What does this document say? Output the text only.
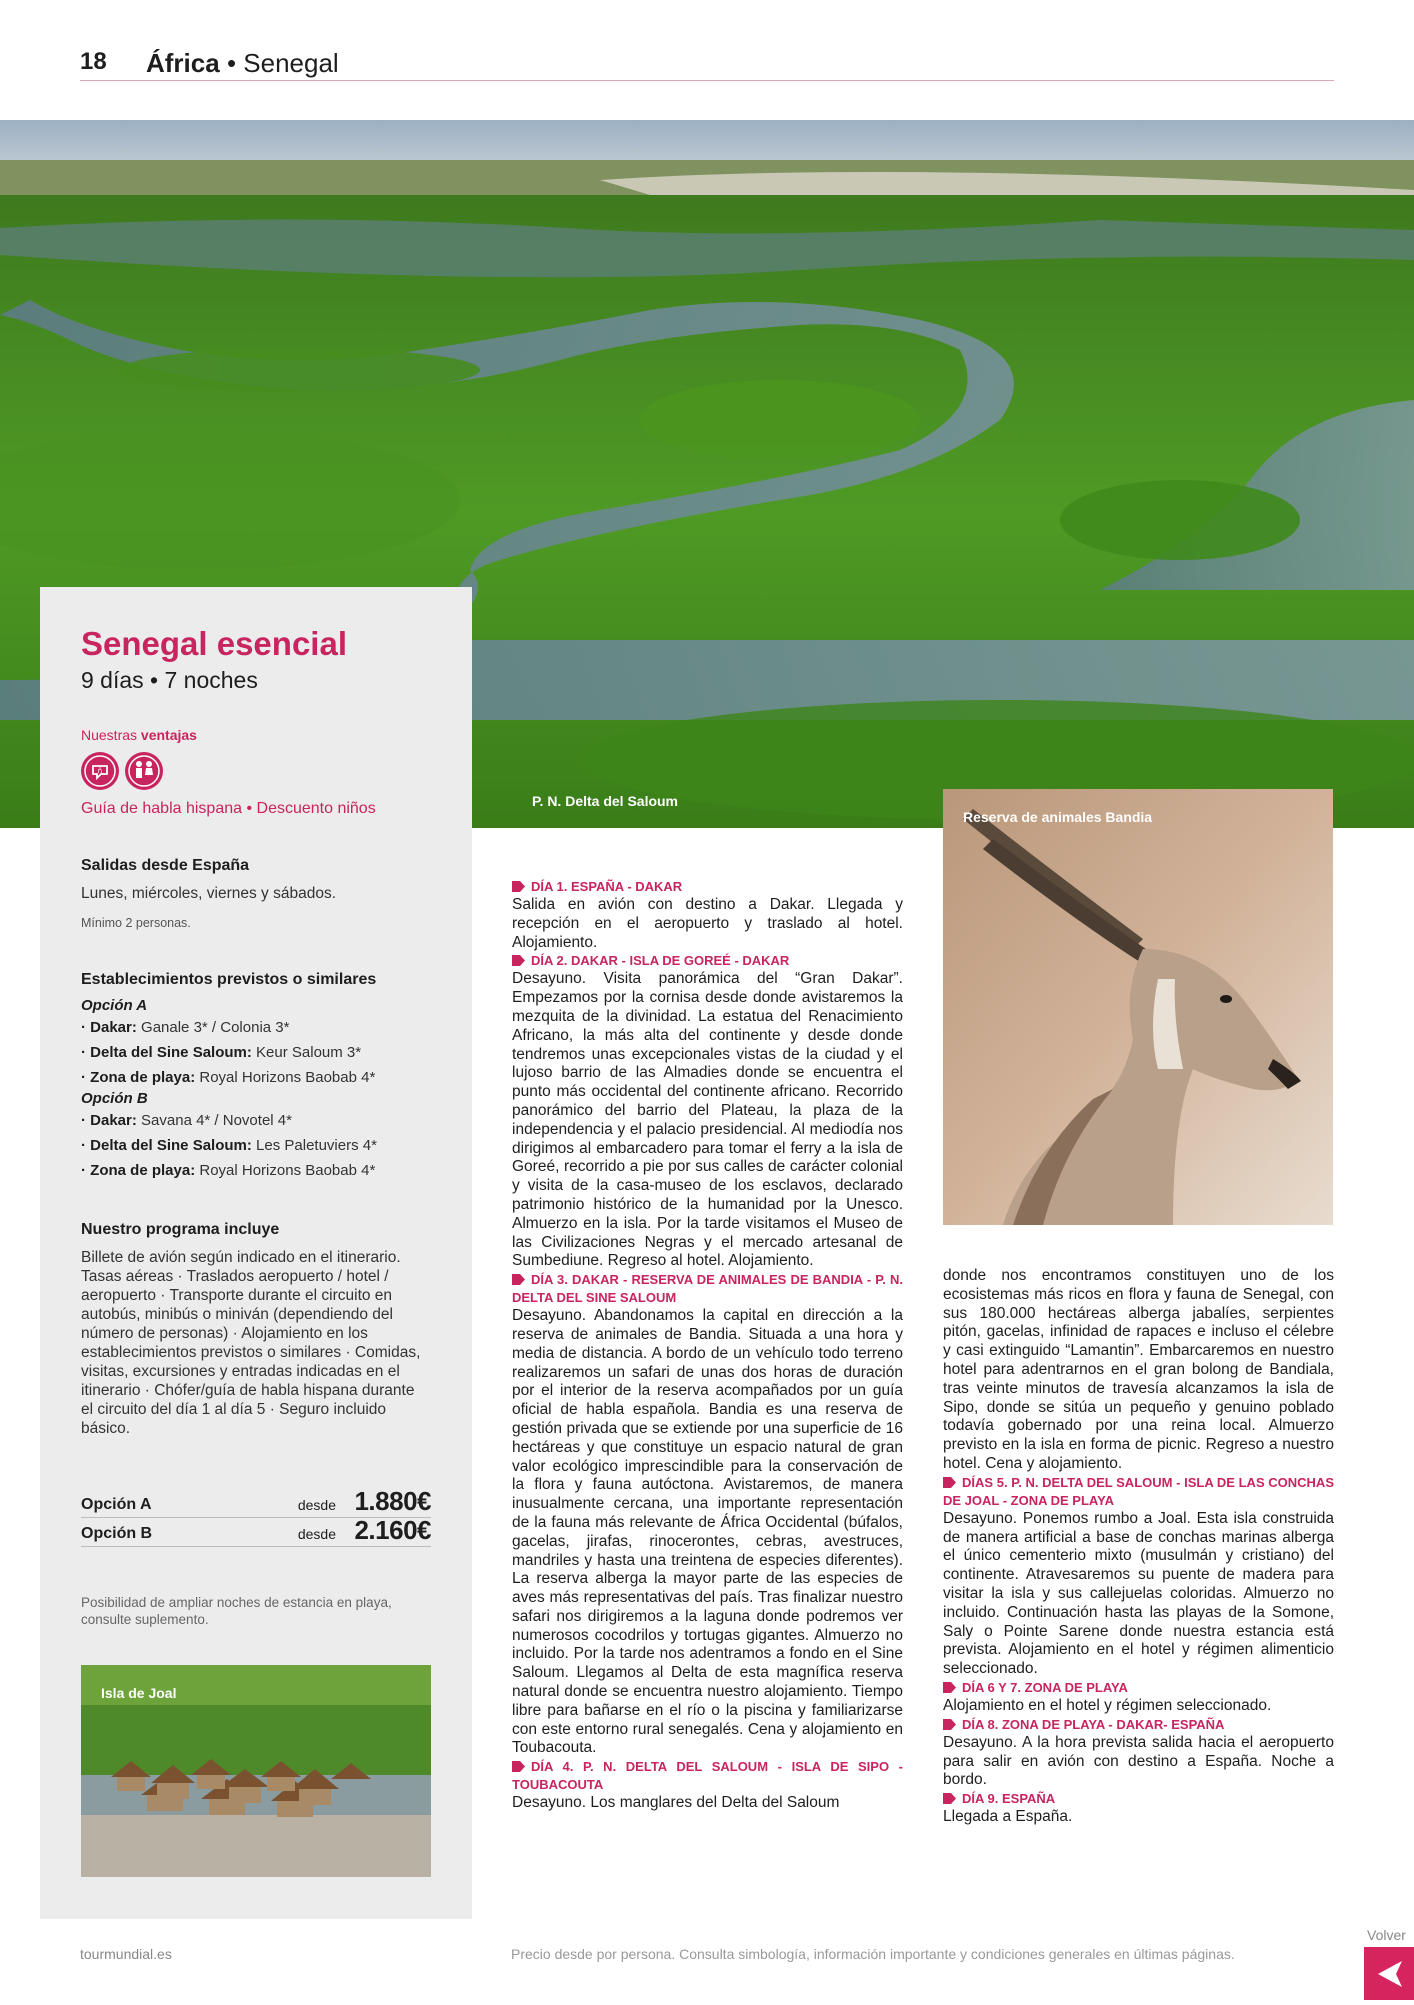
18 África • Senegal
P. N. Delta del Saloum
Senegal esencial
9 días • 7 noches
Nuestras ventajas
ñ

Guía de habla hispana • Descuento niños
Salidas desde España
Lunes, miércoles, viernes y sábados.
Mínimo 2 personas.
Establecimientos previstos o similares
Opción A
· Dakar: Ganale 3* / Colonia 3*
· Delta del Sine Saloum: Keur Saloum 3*
· Zona de playa: Royal Horizons Baobab 4*
Opción B
· Dakar: Savana 4* / Novotel 4*
· Delta del Sine Saloum: Les Paletuviers 4*
· Zona de playa: Royal Horizons Baobab 4*
Nuestro programa incluye
Billete de avión según indicado en el itinerario. Tasas aéreas · Traslados aeropuerto / hotel / aeropuerto · Transporte durante el circuito en autobús, minibús o miniván (dependiendo del número de personas) · Alojamiento en los establecimientos previstos o similares · Comidas, visitas, excursiones y entradas indicadas en el itinerario · Chófer/guía de habla hispana durante el circuito del día 1 al día 5 · Seguro incluido básico.
Opción A	desde 1.880€
Opción B	desde 2.160€
Posibilidad de ampliar noches de estancia en playa, consulte suplemento.
Isla de Joal
Reserva de animales Bandia

DÍA 1. ESPAÑA - DAKAR

Salida en avión con destino a Dakar. Llegada y recepción en el aeropuerto y traslado al hotel. Alojamiento.

DÍA 2. DAKAR - ISLA DE GOREÉ - DAKAR

Desayuno. Visita panorámica del “Gran Dakar”. Empezamos por la cornisa desde donde avistaremos la mezquita de la divinidad. La estatua del Renacimiento Africano, la más alta del continente y desde donde tendremos unas excepcionales vistas de la ciudad y el lujoso barrio de las Almadies donde se encuentra el punto más occidental del continente africano. Recorrido panorámico del barrio del Plateau, la plaza de la independencia y el palacio presidencial. Al mediodía nos dirigimos al embarcadero para tomar el ferry a la isla de Goreé, recorrido a pie por sus calles de carácter colonial y visita de la casa-museo de los esclavos, declarado patrimonio histórico de la humanidad por la Unesco. Almuerzo en la isla. Por la tarde visitamos el Museo de las Civilizaciones Negras y el mercado artesanal de Sumbediune. Regreso al hotel. Alojamiento.

DÍA 3. DAKAR - RESERVA DE ANIMALES DE BANDIA - P. N. DELTA DEL SINE SALOUM

Desayuno. Abandonamos la capital en dirección a la reserva de animales de Bandia. Situada a una hora y media de distancia. A bordo de un vehículo todo terreno realizaremos un safari de unas dos horas de duración por el interior de la reserva acompañados por un guía oficial de habla española. Bandia es una reserva de gestión privada que se extiende por una superficie de 16 hectáreas y que constituye un espacio natural de gran valor ecológico imprescindible para la conservación de la flora y fauna autóctona. Avistaremos, de manera inusualmente cercana, una importante representación de la fauna más relevante de África Occidental (búfalos, gacelas, jirafas, rinocerontes, cebras, avestruces, mandriles y hasta una treintena de especies diferentes). La reserva alberga la mayor parte de las especies de aves más representativas del país. Tras finalizar nuestro safari nos dirigiremos a la laguna donde podremos ver numerosos cocodrilos y tortugas gigantes. Almuerzo no incluido. Por la tarde nos adentramos a fondo en el Sine Saloum. Llegamos al Delta de esta magnífica reserva natural donde se encuentra nuestro alojamiento. Tiempo libre para bañarse en el río o la piscina y familiarizarse con este entorno rural senegalés. Cena y alojamiento en Toubacouta.

DÍA 4. P. N. DELTA DEL SALOUM - ISLA DE SIPO - TOUBACOUTA

Desayuno. Los manglares del Delta del Saloum

donde nos encontramos constituyen uno de los ecosistemas más ricos en flora y fauna de Senegal, con sus 180.000 hectáreas alberga jabalíes, serpientes pitón, gacelas, infinidad de rapaces e incluso el célebre y casi extinguido “Lamantin”. Embarcaremos en nuestro hotel para adentrarnos en el gran bolong de Bandiala, tras veinte minutos de travesía alcanzamos la isla de Sipo, donde se sitúa un pequeño y genuino poblado todavía gobernado por una reina local. Almuerzo previsto en la isla en forma de picnic. Regreso a nuestro hotel. Cena y alojamiento.

DÍAS 5. P. N. DELTA DEL SALOUM - ISLA DE LAS CONCHAS DE JOAL - ZONA DE PLAYA

Desayuno. Ponemos rumbo a Joal. Esta isla construida de manera artificial a base de conchas marinas alberga el único cementerio mixto (musulmán y cristiano) del continente. Atravesaremos su puente de madera para visitar la isla y sus callejuelas coloridas. Almuerzo no incluido. Continuación hasta las playas de la Somone, Saly o Pointe Sarene donde nuestra estancia está prevista. Alojamiento en el hotel y régimen alimenticio seleccionado.

DÍA 6 Y 7. ZONA DE PLAYA

Alojamiento en el hotel y régimen seleccionado.

DÍA 8. ZONA DE PLAYA - DAKAR- ESPAÑA

Desayuno. A la hora prevista salida hacia el aeropuerto para salir en avión con destino a España. Noche a bordo.

DÍA 9. ESPAÑA

Llegada a España.

tourmundial.es	Precio desde por persona. Consulta simbología, información importante y condiciones generales en últimas páginas.
Volver
